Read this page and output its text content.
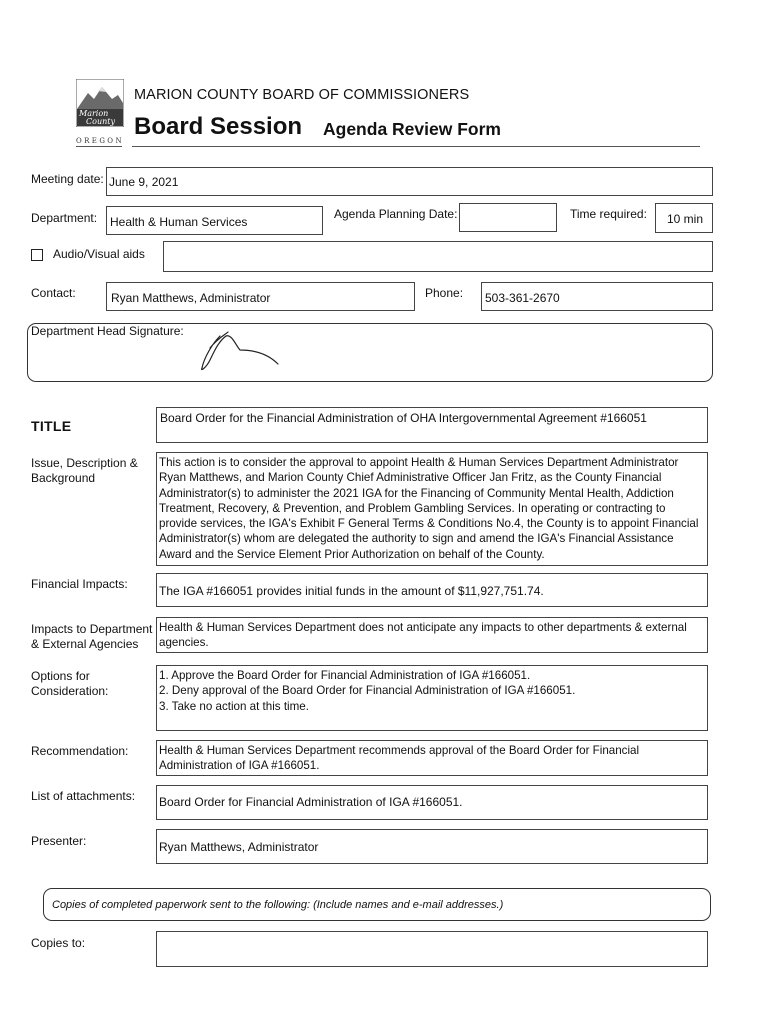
Marion
County
OREGON
MARION COUNTY BOARD OF COMMISSIONERS
Board Session Agenda Review Form
Meeting date: June 9, 2021
Department: Health & Human Services
Agenda Planning Date:	Time required: 10 min
Audio/Visual aids
Contact:	Ryan Matthews, Administrator	Phone: 503-361-2670
Department Head Signature:
TITLE	Board Order for the Financial Administration of OHA Intergovernmental Agreement #166051
Issue, Description &
Background
This action is to consider the approval to appoint Health & Human Services Department Administrator
Ryan Matthews, and Marion County Chief Administrative Officer Jan Fritz, as the County Financial
Administrator(s) to administer the 2021 IGA for the Financing of Community Mental Health, Addiction
Treatment, Recovery, & Prevention, and Problem Gambling Services. In operating or contracting to
provide services, the IGA's Exhibit F General Terms & Conditions No.4, the County is to appoint Financial
Administrator(s) whom are delegated the authority to sign and amend the IGA's Financial Assistance
Award and the Service Element Prior Authorization on behalf of the County.
Financial Impacts:	The IGA #166051 provides initial funds in the amount of $11,927,751.74.
Impacts to Department
& External Agencies
Health & Human Services Department does not anticipate any impacts to other departments & external
agencies.
Options for
Consideration:
1. Approve the Board Order for Financial Administration of IGA #166051.
2. Deny approval of the Board Order for Financial Administration of IGA #166051.
3. Take no action at this time.
Recommendation:	Health & Human Services Department recommends approval of the Board Order for Financial
Administration of IGA #166051.
List of attachments: Board Order for Financial Administration of IGA #166051.
Presenter:	Ryan Matthews, Administrator
Copies of completed paperwork sent to the following: (Include names and e-mail addresses.)
Copies to:
